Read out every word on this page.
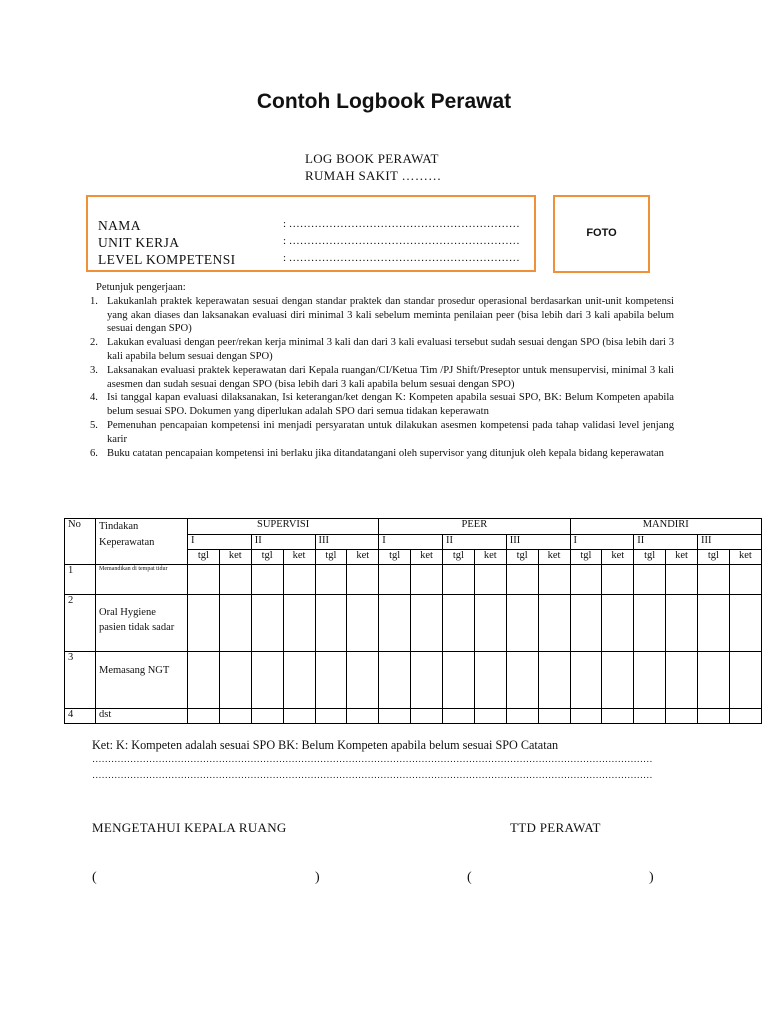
Contoh Logbook Perawat
LOG BOOK PERAWAT
RUMAH SAKIT ………
NAMA	: ………………………………………………………
UNIT KERJA	: ………………………………………………………
LEVEL KOMPETENSI	: ………………………………………………………
FOTO
Petunjuk pengerjaan:
1. Lakukanlah praktek keperawatan sesuai dengan standar praktek dan standar prosedur operasional berdasarkan unit-unit kompetensi yang akan diases dan laksanakan evaluasi diri minimal 3 kali sebelum meminta penilaian peer (bisa lebih dari 3 kali apabila belum sesuai dengan SPO)
2. Lakukan evaluasi dengan peer/rekan kerja minimal 3 kali dan dari 3 kali evaluasi tersebut sudah sesuai dengan SPO (bisa lebih dari 3 kali apabila belum sesuai dengan SPO)
3. Laksanakan evaluasi praktek keperawatan dari Kepala ruangan/CI/Ketua Tim /PJ Shift/Preseptor untuk mensupervisi, minimal 3 kali asesmen dan sudah sesuai dengan SPO (bisa lebih dari 3 kali apabila belum sesuai dengan SPO)
4. Isi tanggal kapan evaluasi dilaksanakan, Isi keterangan/ket dengan K: Kompeten apabila sesuai SPO, BK: Belum Kompeten apabila belum sesuai SPO. Dokumen yang diperlukan adalah SPO dari semua tidakan keperawatn
5. Pemenuhan pencapaian kompetensi ini menjadi persyaratan untuk dilakukan asesmen kompetensi pada tahap validasi level jenjang karir
6. Buku catatan pencapaian kompetensi ini berlaku jika ditandatangani oleh supervisor yang ditunjuk oleh kepala bidang keperawatan
No	Tindakan Keperawatan	SUPERVISI						PEER						MANDIRI					
		I		II		III		I		II		III		I		II		III	
		tgl	ket	tgl	ket	tgl	ket	tgl	ket	tgl	ket	tgl	ket	tgl	ket	tgl	ket	tgl	ket
1	Memandikan di tempat tidur																		
2	Oral Hygiene pasien tidak sadar																		
3	Memasang NGT																		
4	dst																		
Ket: K: Kompeten adalah sesuai SPO BK: Belum Kompeten apabila belum sesuai SPO Catatan
……………………………………………………………………………………………………………………………………………………………
……………………………………………………………………………………………………………………………………………………………
MENGETAHUI KEPALA RUANG	TTD PERAWAT
(	)	(	)
